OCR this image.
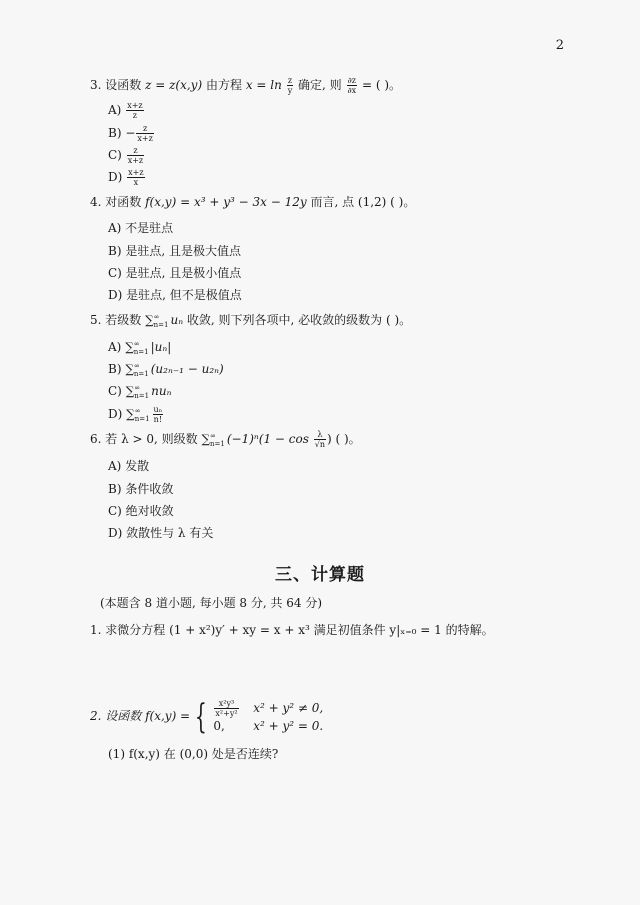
2
3. 设函数 z = z(x,y) 由方程 $x = \ln \frac{z}{y}$ 确定, 则 $\frac{\partial z}{\partial x}$ = ( )。
$A) \frac{x+z}{z}$
$B) - \frac{z}{x+z}$
$C) \frac{z}{x+z}$
$D) \frac{x+z}{x}$
4. 对函数 f(x,y) = x³ + y³ − 3x − 12y 而言, 点 (1,2) ( )。
A) 不是驻点
B) 是驻点, 且是极大值点
C) 是驻点, 且是极小值点
D) 是驻点, 但不是极值点
5. 若级数 ∑ ∞
n=1 uₙ 收敛, 则下列各项中, 必收敛的级数为 ( )。
A) ∑ ∞
n=1 |uₙ|
B) ∑ ∞
n=1 (u₂ₙ₋₁ − u₂ₙ)
C) ∑ ∞
n=1 nuₙ
D) ∑ ∞
$n=1 \frac{\text{uₙ}}{n!}$
6. 若 λ > 0, 则级数 ∑ ∞
n=1 $(-1)^n(1 - \cos \frac{\lambda}{√n}$ ) ( )。
A) 发散
B) 条件收敛
C) 绝对收敛
D) 敛散性与 λ 有关
三、计算题
(本题含 8 道小题, 每小题 8 分, 共 64 分)
1. 求微分方程 (1 + x²)y′ + xy = x + x³ 满足初值条件 y|ₓ₌₀ = 1 的特解。
2. 设函数 f(x,y) = { $\frac{\text{x²y³}}{\text{x²+y²}} x^2 + y^2 \ne 0$,
0, x² + y² = 0.
(1) f(x,y) 在 (0,0) 处是否连续?
